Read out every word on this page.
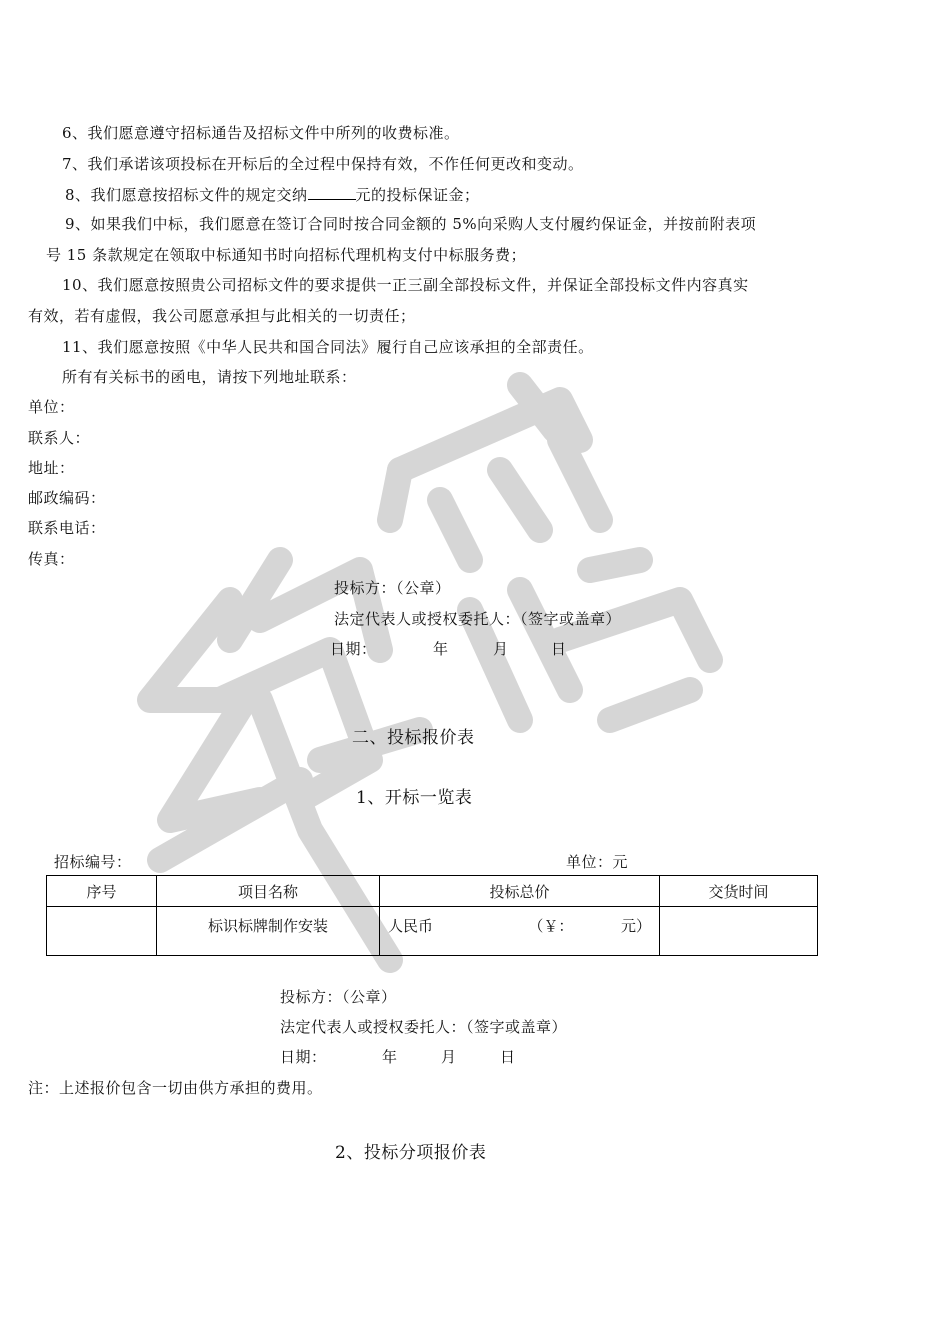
6、我们愿意遵守招标通告及招标文件中所列的收费标准。
7、我们承诺该项投标在开标后的全过程中保持有效，不作任何更改和变动。
8、我们愿意按招标文件的规定交纳	元的投标保证金；
9、如果我们中标，我们愿意在签订合同时按合同金额的 5%向采购人支付履约保证金，并按前附表项
号 15 条款规定在领取中标通知书时向招标代理机构支付中标服务费；
10、我们愿意按照贵公司招标文件的要求提供一正三副全部投标文件，并保证全部投标文件内容真实
有效，若有虚假，我公司愿意承担与此相关的一切责任；
11、我们愿意按照《中华人民共和国合同法》履行自己应该承担的全部责任。
所有有关标书的函电，请按下列地址联系：
单位：
联系人：
地址：
邮政编码：
联系电话：
传真：
投标方：（公章）
法定代表人或授权委托人：（签字或盖章）
日期：	年	月	日
二、投标报价表
1、开标一览表
招标编号：	单位：元
序号	项目名称	投标总价	交货时间
	标识标牌制作安装	人民币 （￥：          元）	

投标方：（公章）
法定代表人或授权委托人：（签字或盖章）
日期：	年	月	日
注：上述报价包含一切由供方承担的费用。
2、投标分项报价表
